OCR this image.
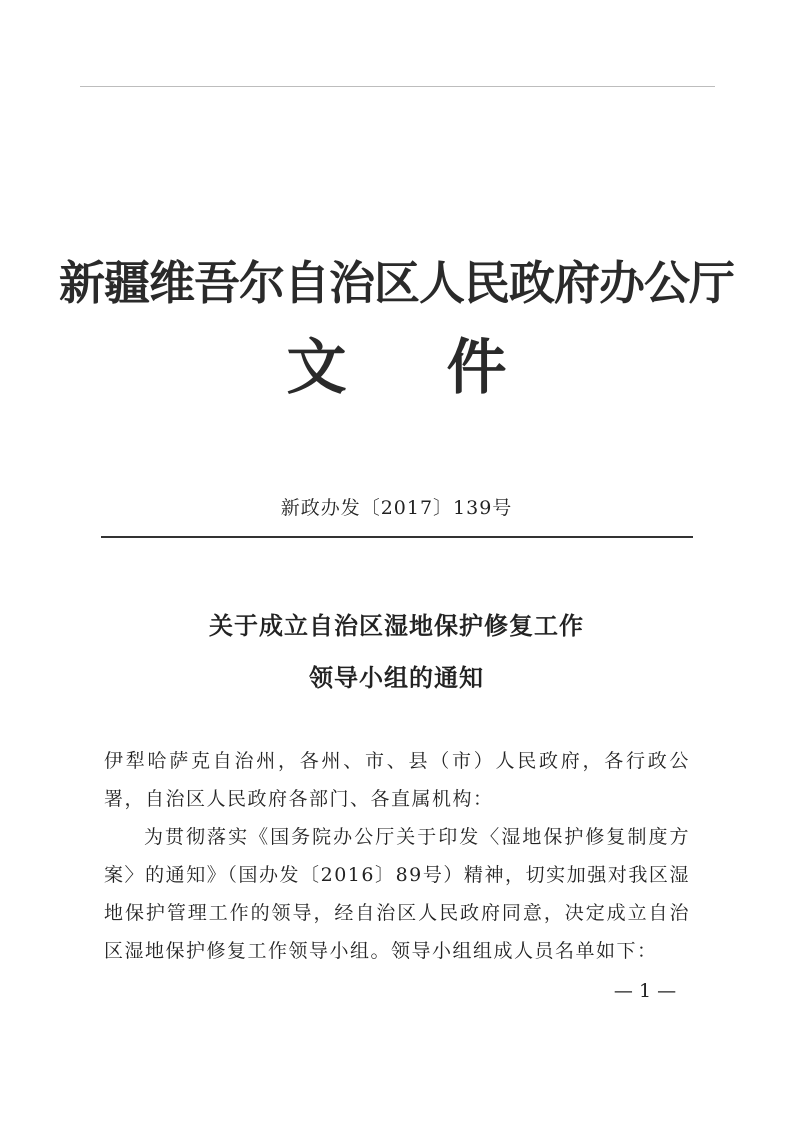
新疆维吾尔自治区人民政府办公厅
文 件
新政办发〔2017〕139号
关于成立自治区湿地保护修复工作
领导小组的通知

伊犁哈萨克自治州，各州、市、县（市）人民政府，各行政公署，自治区人民政府各部门、各直属机构：

为贯彻落实《国务院办公厅关于印发〈湿地保护修复制度方案〉的通知》（国办发〔2016〕89号）精神，切实加强对我区湿地保护管理工作的领导，经自治区人民政府同意，决定成立自治区湿地保护修复工作领导小组。领导小组组成人员名单如下：

— 1 —
